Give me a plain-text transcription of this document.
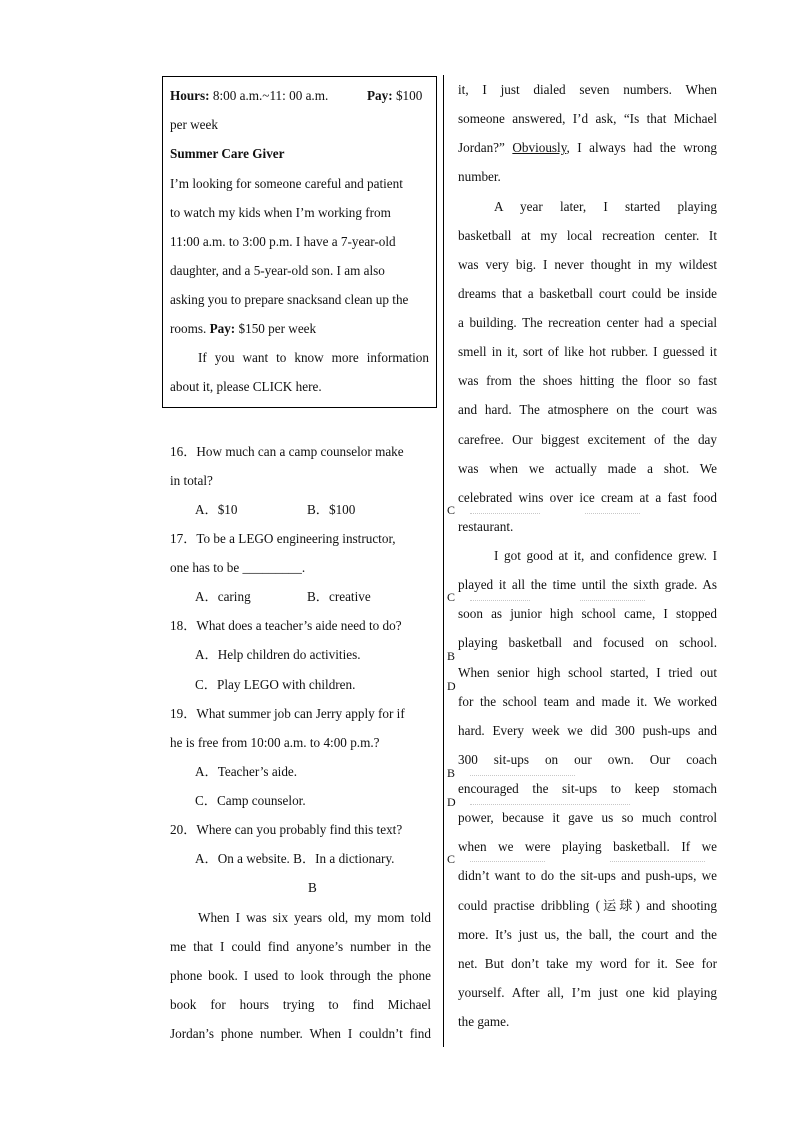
Hours: 8:00 a.m.~11: 00 a.m.	Pay: $100
per week
Summer Care Giver
I’m looking for someone careful and patient
to watch my kids when I’m working from
11:00 a.m. to 3:00 p.m. I have a 7-year-old
daughter, and a 5-year-old son. I am also
asking you to prepare snacksand clean up the
rooms. Pay: $150 per week
If you want to know more information
about it, please CLICK here.
16．How much can a camp counselor make
in total?
A．$10	B．$100
17．To be a LEGO engineering instructor,
one has to be _________.
A．caring	B．creative
18．What does a teacher’s aide need to do?
A．Help children do activities.
C．Play LEGO with children.
19．What summer job can Jerry apply for if
he is free from 10:00 a.m. to 4:00 p.m.?
A．Teacher’s aide.
C．Camp counselor.
20．Where can you probably find this text?
A．On a website. B．In a dictionary.
B
When I was six years old, my mom told
me that I could find anyone’s number in the
phone book. I used to look through the phone
book for hours trying to find Michael
Jordan’s phone number. When I couldn’t find
it, I just dialed seven numbers. When
someone answered, I’d ask, “Is that Michael
Jordan?” Obviously, I always had the wrong
number.
A year later, I started playing
basketball at my local recreation center. It
was very big. I never thought in my wildest
dreams that a basketball court could be inside
a building. The recreation center had a special
smell in it, sort of like hot rubber. I guessed it
was from the shoes hitting the floor so fast
and hard. The atmosphere on the court was
carefree. Our biggest excitement of the day
was when we actually made a shot. We
celebrated wins over ice cream at a fast food
restaurant.
I got good at it, and confidence grew. I
played it all the time until the sixth grade. As
soon as junior high school came, I stopped
playing basketball and focused on school.
When senior high school started, I tried out
for the school team and made it. We worked
hard. Every week we did 300 push-ups and
300 sit-ups on our own. Our coach
encouraged the sit-ups to keep stomach
power, because it gave us so much control
when we were playing basketball. If we
didn’t want to do the sit-ups and push-ups, we
could practise dribbling (运球) and shooting
more. It’s just us, the ball, the court and the
net. But don’t take my word for it. See for
yourself. After all, I’m just one kid playing
the game.
C
C
B
D
B
D
C
